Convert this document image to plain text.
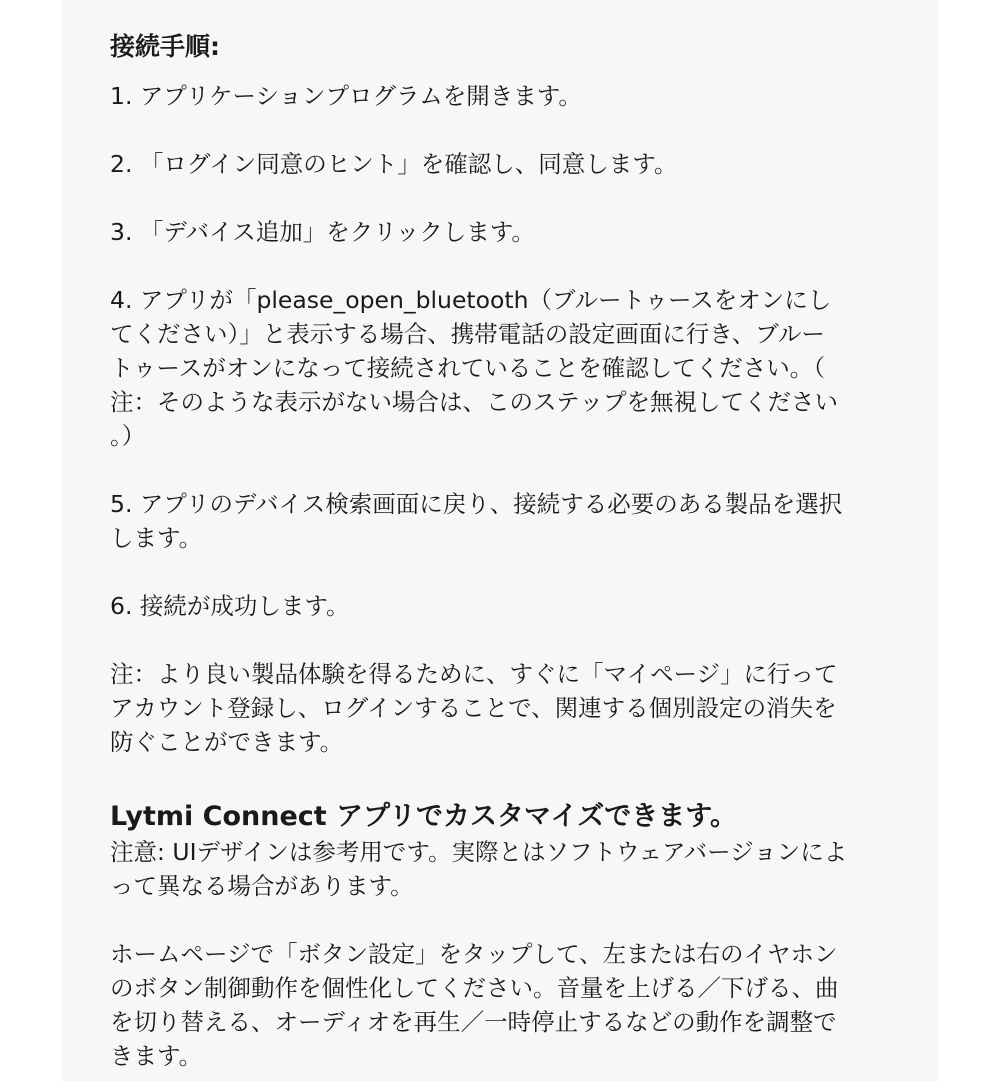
接続手順:
1. アプリケーションプログラムを開きます。
2. 「ログイン同意のヒント」を確認し、同意します。
3. 「デバイス追加」をクリックします。
4. アプリが「please_open_bluetooth（ブルートゥースをオンにし
てください）」と表示する場合、携帯電話の設定画面に行き、ブルー
トゥースがオンになって接続されていることを確認してください。（
注：そのような表示がない場合は、このステップを無視してください
。）
5. アプリのデバイス検索画面に戻り、接続する必要のある製品を選択
します。
6. 接続が成功します。
注：より良い製品体験を得るために、すぐに「マイページ」に行って
アカウント登録し、ログインすることで、関連する個別設定の消失を
防ぐことができます。
Lytmi Connect アプリでカスタマイズできます。
注意: UIデザインは参考用です。実際とはソフトウェアバージョンによ
って異なる場合があります。
ホームページで「ボタン設定」をタップして、左または右のイヤホン
のボタン制御動作を個性化してください。音量を上げる／下げる、曲
を切り替える、オーディオを再生／一時停止するなどの動作を調整で
きます。
